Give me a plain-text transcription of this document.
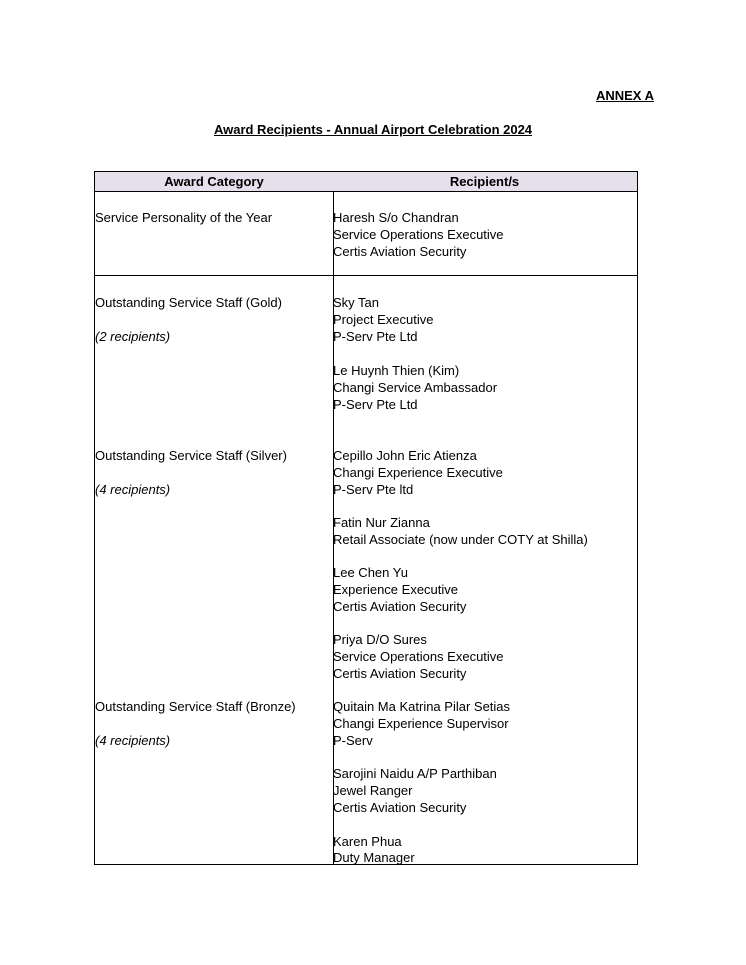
ANNEX A
Award Recipients - Annual Airport Celebration 2024
Award Category	Recipient/s
Service Personality of the Year	Haresh S/o Chandran
Service Operations Executive
Certis Aviation Security
Outstanding Service Staff (Gold)
(2 recipients)
Sky Tan
Project Executive
P-Serv Pte Ltd
Le Huynh Thien (Kim)
Changi Service Ambassador
P-Serv Pte Ltd
Outstanding Service Staff (Silver)
(4 recipients)
Cepillo John Eric Atienza
Changi Experience Executive
P-Serv Pte ltd
Fatin Nur Zianna
Retail Associate (now under COTY at Shilla)
Lee Chen Yu
Experience Executive
Certis Aviation Security
Priya D/O Sures
Service Operations Executive
Certis Aviation Security
Outstanding Service Staff (Bronze)
(4 recipients)
Quitain Ma Katrina Pilar Setias
Changi Experience Supervisor
P-Serv
Sarojini Naidu A/P Parthiban
Jewel Ranger
Certis Aviation Security
Karen Phua
Duty Manager
